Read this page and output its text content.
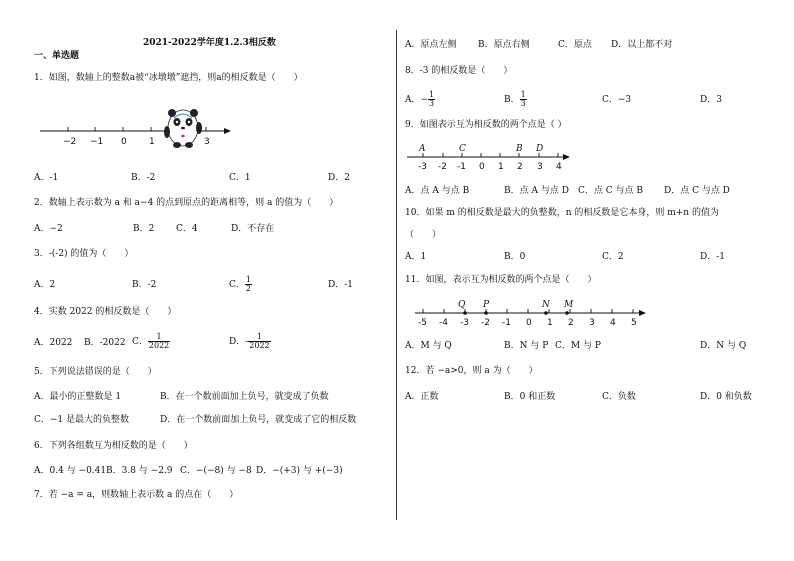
2021-2022学年度1.2.3相反数
一、单选题
1．如图，数轴上的整数a被“冰墩墩”遮挡，则a的相反数是（　　）
−2 −1 0 1	3
A．-1	B．-2	C．1	D．2
2．数轴上表示数为 a 和 a−4 的点到原点的距离相等，则 a 的值为（　　）
A．−2	B．2 C．4	D．不存在
3．-(-2) 的值为（　　）
A．2	B．-2	C． $\frac{1}{2}$	D．-1
4．实数 2022 的相反数是（　　）
A．2022 B．-2022 C． $\frac{1}{2022}$	D．- $\frac{1}{2022}$
5．下列说法错误的是（　　）
A．最小的正整数是 1	B．在一个数前面加上负号，就变成了负数
C．−1 是最大的负整数	D．在一个数前面加上负号，就变成了它的相反数
6．下列各组数互为相反数的是（　　）
A．0.4 与 −0.41 B．3.8 与 −2.9 C．−(−8) 与 −8 D．−(+3) 与 +(−3)
7．若 −a = a，则数轴上表示数 a 的点在（　　）
A．原点左侧 B．原点右侧	C．原点 D．以上都不对
8．-3 的相反数是（　　）
A．− $\frac{1}{3}$	B． $\frac{1}{3}$	C．−3	D．3
9．如图表示互为相反数的两个点是（ ）
A	C	B D
-3 -2 -1 0 1 2 3 4
A．点 A 与点 B	B．点 A 与点 D C．点 C 与点 B D．点 C 与点 D
10．如果 m 的相反数是最大的负整数，n 的相反数是它本身，则 m+n 的值为
（　　）
A．1	B．0	C．2	D．-1
11．如图，表示互为相反数的两个点是（　　）
Q P	N M
-5 -4 -3 -2 -1 0 1 2 3 4 5
A．M 与 Q	B．N 与 P C．M 与 P	D．N 与 Q
12．若 −a>0，则 a 为（　　）
A．正数	B．0 和正数	C．负数	D．0 和负数
